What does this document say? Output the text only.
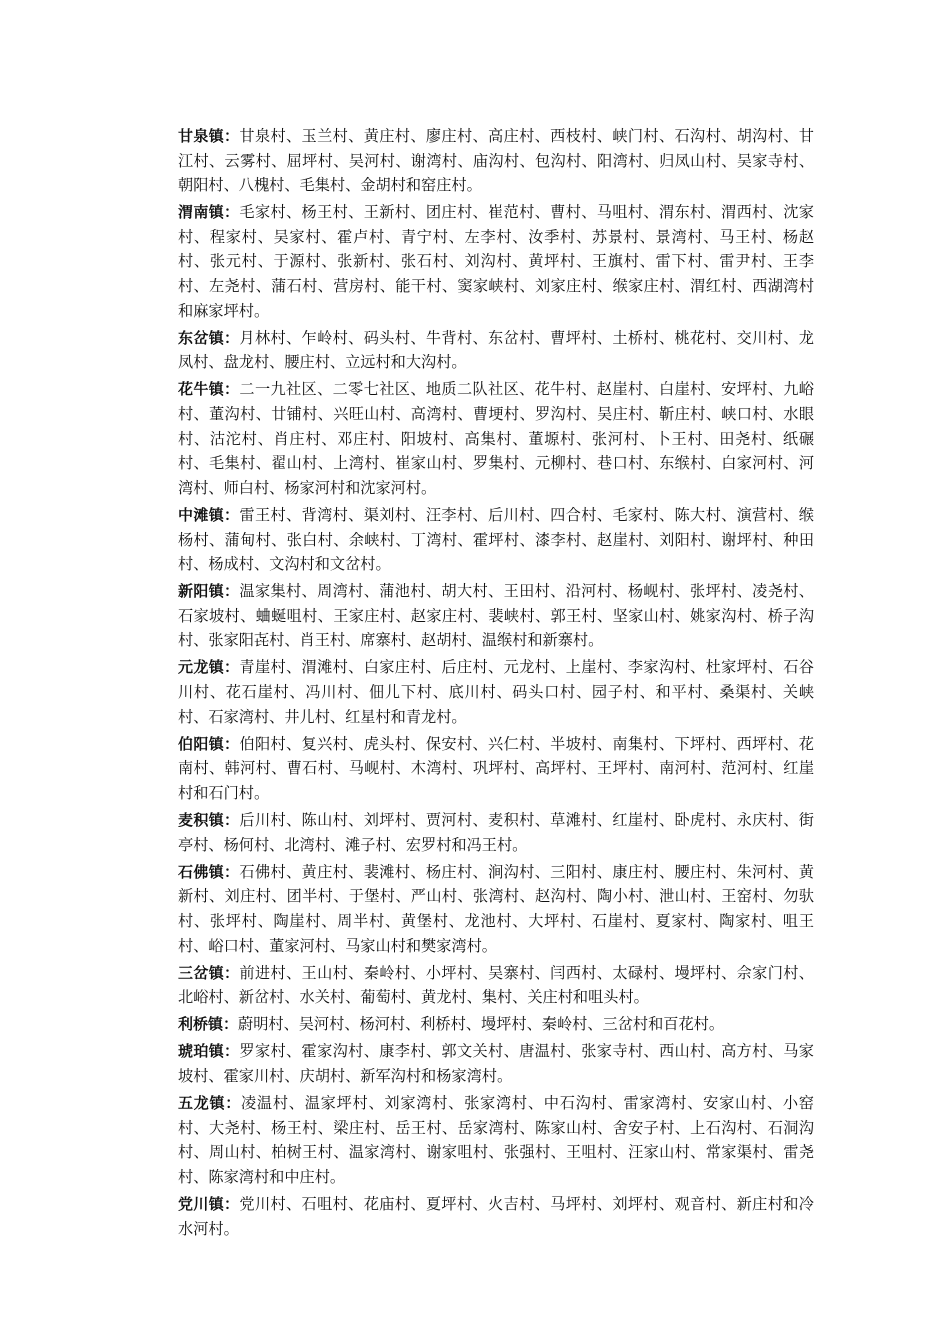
甘泉镇：甘泉村、玉兰村、黄庄村、廖庄村、高庄村、西枝村、峡门村、石沟村、胡沟村、甘江村、云雾村、屈坪村、吴河村、谢湾村、庙沟村、包沟村、阳湾村、归凤山村、吴家寺村、朝阳村、八槐村、毛集村、金胡村和窑庄村。

渭南镇：毛家村、杨王村、王新村、团庄村、崔范村、曹村、马咀村、渭东村、渭西村、沈家村、程家村、吴家村、霍卢村、青宁村、左李村、汝季村、苏景村、景湾村、马王村、杨赵村、张元村、于源村、张新村、张石村、刘沟村、黄坪村、王旗村、雷下村、雷尹村、王李村、左尧村、蒲石村、营房村、能干村、窦家峡村、刘家庄村、缑家庄村、渭红村、西湖湾村和麻家坪村。

东岔镇：月林村、乍岭村、码头村、牛背村、东岔村、曹坪村、土桥村、桃花村、交川村、龙凤村、盘龙村、腰庄村、立远村和大沟村。

花牛镇：二一九社区、二零七社区、地质二队社区、花牛村、赵崖村、白崖村、安坪村、九峪村、董沟村、廿铺村、兴旺山村、高湾村、曹埂村、罗沟村、吴庄村、靳庄村、峡口村、水眼村、沽沱村、肖庄村、邓庄村、阳坡村、高集村、董塬村、张河村、卜王村、田尧村、纸碾村、毛集村、翟山村、上湾村、崔家山村、罗集村、元柳村、巷口村、东缑村、白家河村、河湾村、师白村、杨家河村和沈家河村。

中滩镇：雷王村、背湾村、渠刘村、汪李村、后川村、四合村、毛家村、陈大村、演营村、缑杨村、蒲甸村、张白村、余峡村、丁湾村、霍坪村、漆李村、赵崖村、刘阳村、谢坪村、种田村、杨成村、文沟村和文岔村。

新阳镇：温家集村、周湾村、蒲池村、胡大村、王田村、沿河村、杨岘村、张坪村、凌尧村、石家坡村、蛐蜒咀村、王家庄村、赵家庄村、裴峡村、郭王村、坚家山村、姚家沟村、桥子沟村、张家阳㐂村、肖王村、席寨村、赵胡村、温缑村和新寨村。

元龙镇：青崖村、渭滩村、白家庄村、后庄村、元龙村、上崖村、李家沟村、杜家坪村、石谷川村、花石崖村、冯川村、佃儿下村、底川村、码头口村、园子村、和平村、桑渠村、关峡村、石家湾村、井儿村、红星村和青龙村。

伯阳镇：伯阳村、复兴村、虎头村、保安村、兴仁村、半坡村、南集村、下坪村、西坪村、花南村、韩河村、曹石村、马岘村、木湾村、巩坪村、高坪村、王坪村、南河村、范河村、红崖村和石门村。

麦积镇：后川村、陈山村、刘坪村、贾河村、麦积村、草滩村、红崖村、卧虎村、永庆村、街亭村、杨何村、北湾村、滩子村、宏罗村和冯王村。

石佛镇：石佛村、黄庄村、裴滩村、杨庄村、涧沟村、三阳村、康庄村、腰庄村、朱河村、黄新村、刘庄村、团半村、于堡村、严山村、张湾村、赵沟村、陶小村、泄山村、王窑村、勿驮村、张坪村、陶崖村、周半村、黄堡村、龙池村、大坪村、石崖村、夏家村、陶家村、咀王村、峪口村、董家河村、马家山村和樊家湾村。

三岔镇：前进村、王山村、秦岭村、小坪村、吴寨村、闫西村、太碌村、墁坪村、佘家门村、北峪村、新岔村、水关村、葡萄村、黄龙村、集村、关庄村和咀头村。

利桥镇：蔚明村、吴河村、杨河村、利桥村、墁坪村、秦岭村、三岔村和百花村。

琥珀镇：罗家村、霍家沟村、康李村、郭文关村、唐温村、张家寺村、西山村、高方村、马家坡村、霍家川村、庆胡村、新军沟村和杨家湾村。

五龙镇：凌温村、温家坪村、刘家湾村、张家湾村、中石沟村、雷家湾村、安家山村、小窑村、大尧村、杨王村、梁庄村、岳王村、岳家湾村、陈家山村、舍安子村、上石沟村、石洞沟村、周山村、柏树王村、温家湾村、谢家咀村、张强村、王咀村、汪家山村、常家渠村、雷尧村、陈家湾村和中庄村。

党川镇：党川村、石咀村、花庙村、夏坪村、火吉村、马坪村、刘坪村、观音村、新庄村和冷水河村。
